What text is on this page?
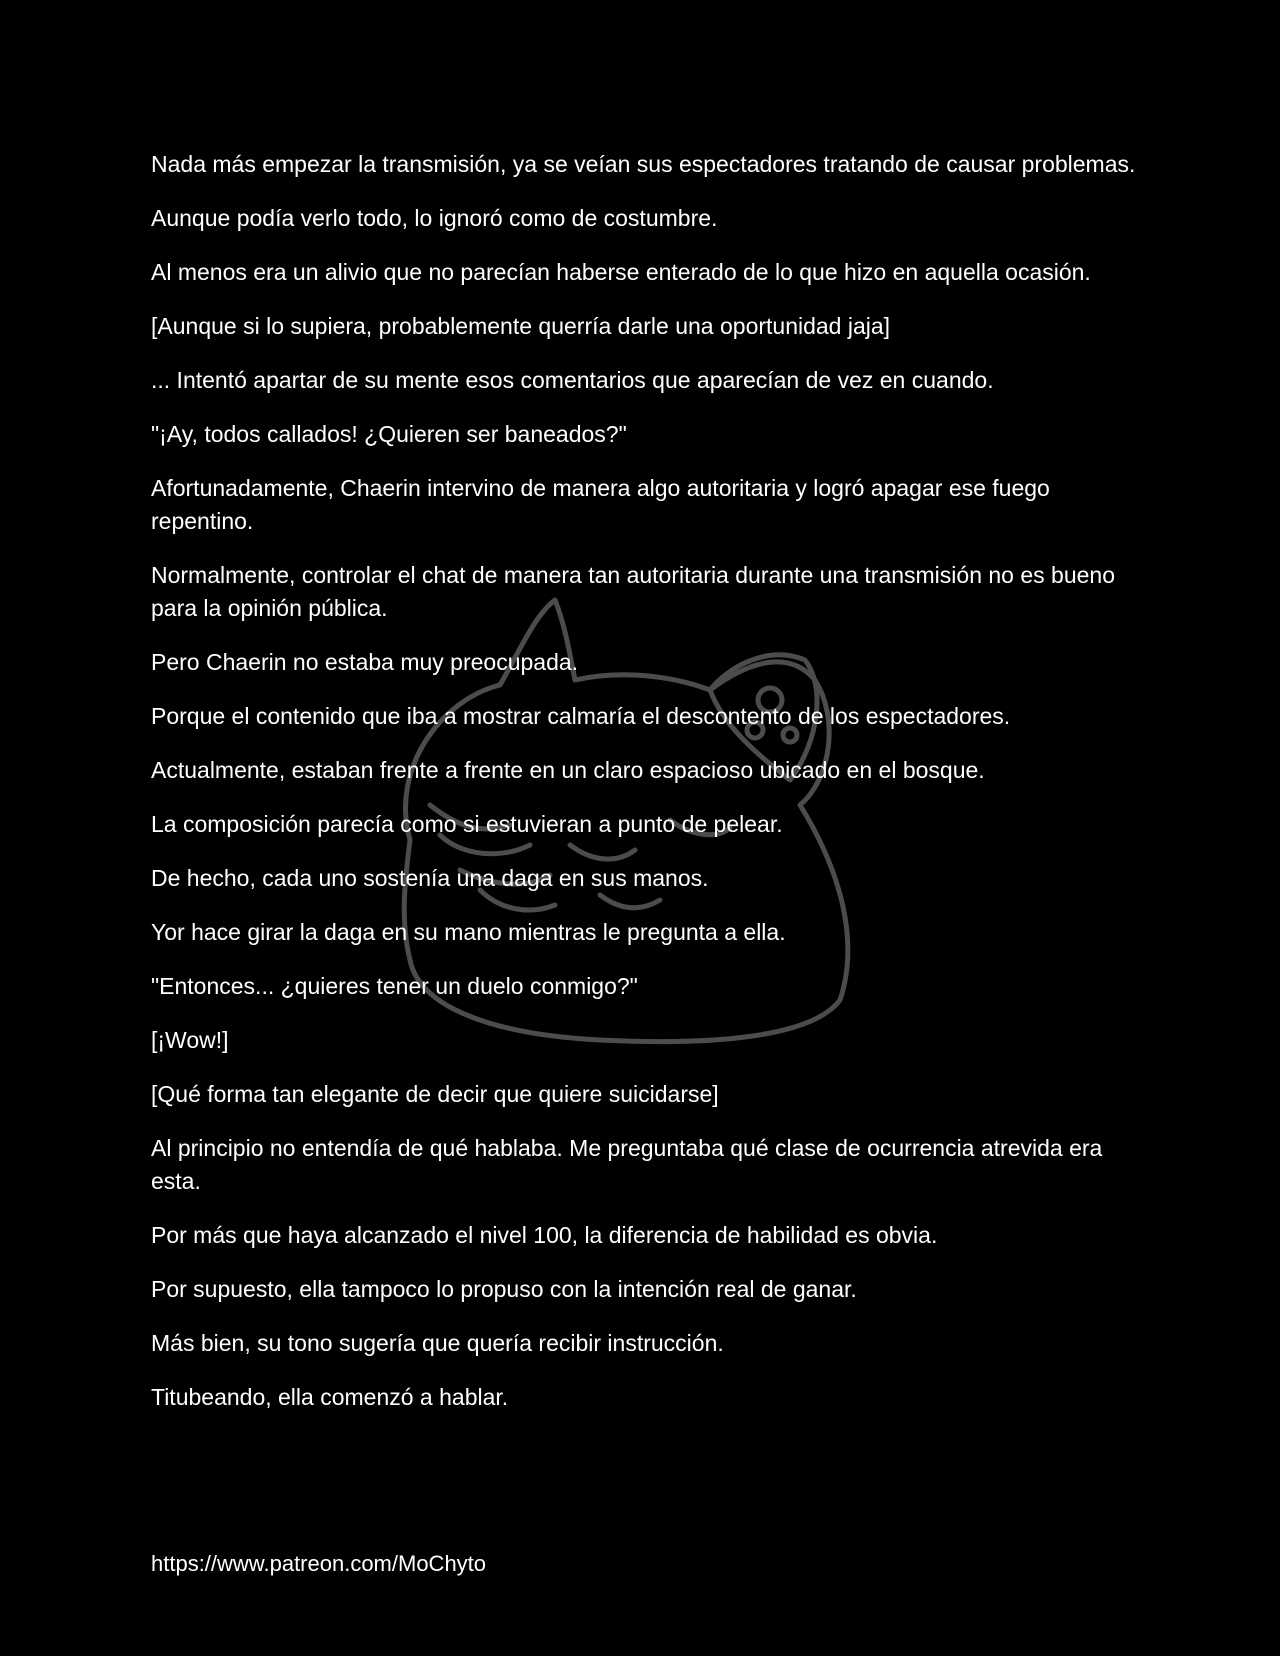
Nada más empezar la transmisión, ya se veían sus espectadores tratando de causar problemas.

Aunque podía verlo todo, lo ignoró como de costumbre.

Al menos era un alivio que no parecían haberse enterado de lo que hizo en aquella ocasión.

[Aunque si lo supiera, probablemente querría darle una oportunidad jaja]

... Intentó apartar de su mente esos comentarios que aparecían de vez en cuando.

"¡Ay, todos callados! ¿Quieren ser baneados?"

Afortunadamente, Chaerin intervino de manera algo autoritaria y logró apagar ese fuego repentino.

Normalmente, controlar el chat de manera tan autoritaria durante una transmisión no es bueno para la opinión pública.

Pero Chaerin no estaba muy preocupada.

Porque el contenido que iba a mostrar calmaría el descontento de los espectadores.

Actualmente, estaban frente a frente en un claro espacioso ubicado en el bosque.

La composición parecía como si estuvieran a punto de pelear.

De hecho, cada uno sostenía una daga en sus manos.

Yor hace girar la daga en su mano mientras le pregunta a ella.

"Entonces... ¿quieres tener un duelo conmigo?"

[¡Wow!]

[Qué forma tan elegante de decir que quiere suicidarse]

Al principio no entendía de qué hablaba. Me preguntaba qué clase de ocurrencia atrevida era esta.

Por más que haya alcanzado el nivel 100, la diferencia de habilidad es obvia.

Por supuesto, ella tampoco lo propuso con la intención real de ganar.

Más bien, su tono sugería que quería recibir instrucción.

Titubeando, ella comenzó a hablar.

https://www.patreon.com/MoChyto
